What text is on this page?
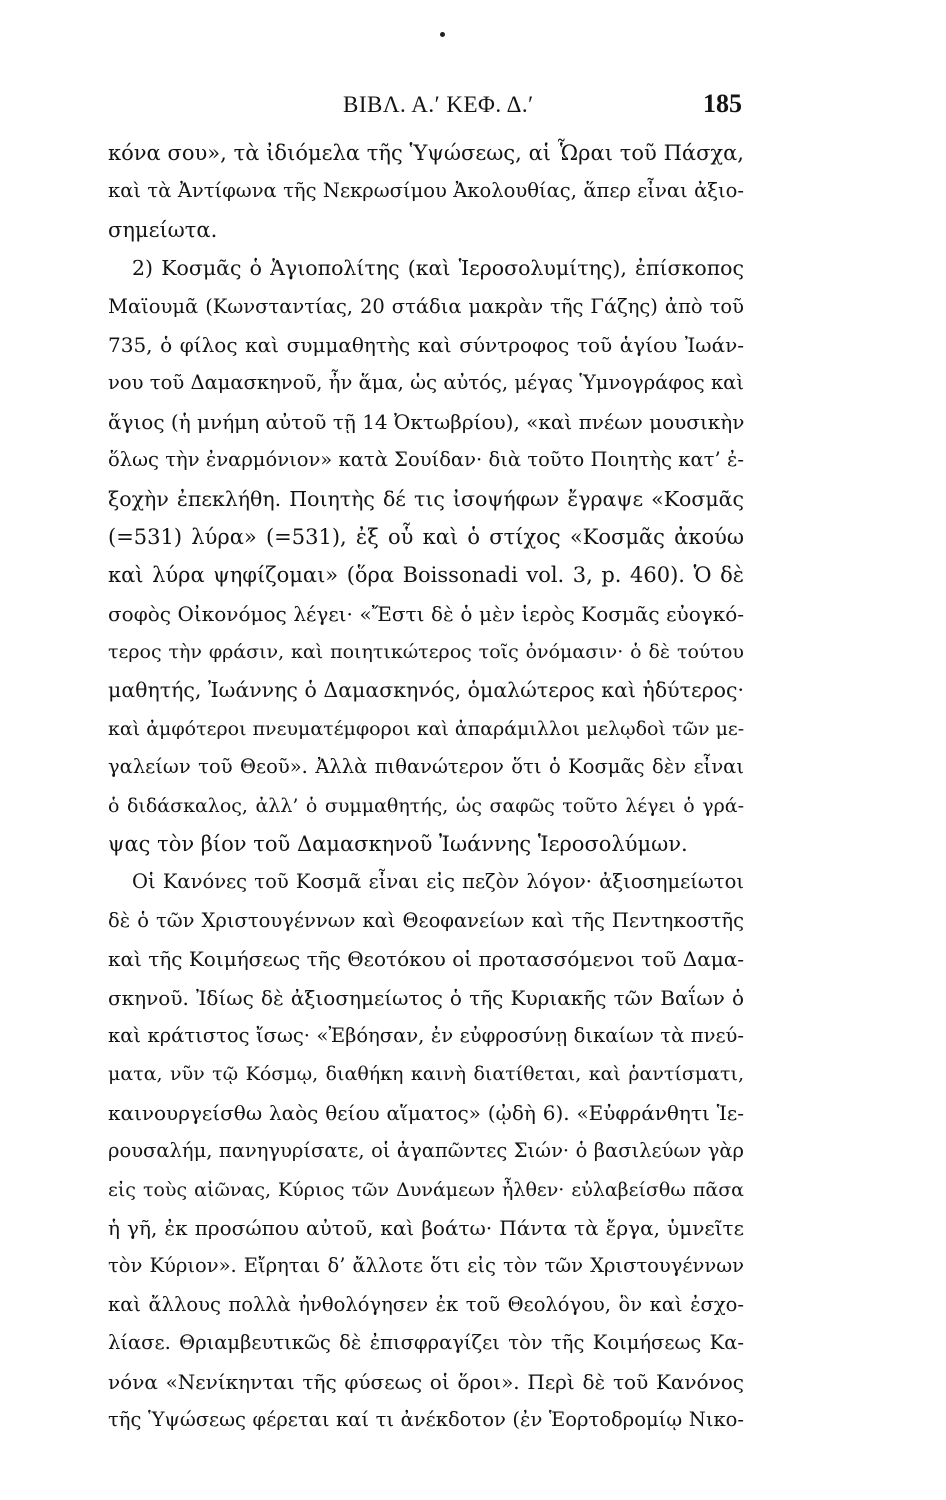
ΒΙΒΛ. Α.′ ΚΕΦ. Δ.′	185
κόνα σου», τὰ ἰδιόμελα τῆς Ὑψώσεως, αἱ Ὧραι τοῦ Πάσχα,
καὶ τὰ Ἀντίφωνα τῆς Νεκρωσίμου Ἀκολουθίας, ἅπερ εἶναι ἀξιο-
σημείωτα.
2) Κοσμᾶς ὁ Ἁγιοπολίτης (καὶ Ἱεροσολυμίτης), ἐπίσκοπος
Μαϊουμᾶ (Κωνσταντίας, 20 στάδια μακρὰν τῆς Γάζης) ἀπὸ τοῦ
735, ὁ φίλος καὶ συμμαθητὴς καὶ σύντροφος τοῦ ἁγίου Ἰωάν-
νου τοῦ Δαμασκηνοῦ, ἦν ἅμα, ὡς αὐτός, μέγας Ὑμνογράφος καὶ
ἅγιος (ἡ μνήμη αὐτοῦ τῇ 14 Ὀκτωβρίου), «καὶ πνέων μουσικὴν
ὅλως τὴν ἐναρμόνιον» κατὰ Σουίδαν· διὰ τοῦτο Ποιητὴς κατ’ ἐ-
ξοχὴν ἐπεκλήθη. Ποιητὴς δέ τις ἰσοψήφων ἔγραψε «Κοσμᾶς
(=531) λύρα» (=531), ἐξ οὗ καὶ ὁ στίχος «Κοσμᾶς ἀκούω
καὶ λύρα ψηφίζομαι» (ὅρα Boissonadi vol. 3, p. 460). Ὁ δὲ
σοφὸς Οἰκονόμος λέγει· «Ἔστι δὲ ὁ μὲν ἱερὸς Κοσμᾶς εὐογκό-
τερος τὴν φράσιν, καὶ ποιητικώτερος τοῖς ὀνόμασιν· ὁ δὲ τούτου
μαθητής, Ἰωάννης ὁ Δαμασκηνός, ὁμαλώτερος καὶ ἡδύτερος·
καὶ ἀμφότεροι πνευματέμφοροι καὶ ἀπαράμιλλοι μελῳδοὶ τῶν με-
γαλείων τοῦ Θεοῦ». Ἀλλὰ πιθανώτερον ὅτι ὁ Κοσμᾶς δὲν εἶναι
ὁ διδάσκαλος, ἀλλ’ ὁ συμμαθητής, ὡς σαφῶς τοῦτο λέγει ὁ γρά-
ψας τὸν βίον τοῦ Δαμασκηνοῦ Ἰωάννης Ἱεροσολύμων.
Οἱ Κανόνες τοῦ Κοσμᾶ εἶναι εἰς πεζὸν λόγον· ἀξιοσημείωτοι
δὲ ὁ τῶν Χριστουγέννων καὶ Θεοφανείων καὶ τῆς Πεντηκοστῆς
καὶ τῆς Κοιμήσεως τῆς Θεοτόκου οἱ προτασσόμενοι τοῦ Δαμα-
σκηνοῦ. Ἰδίως δὲ ἀξιοσημείωτος ὁ τῆς Κυριακῆς τῶν Βαΐων ὁ
καὶ κράτιστος ἴσως· «Ἐβόησαν, ἐν εὐφροσύνῃ δικαίων τὰ πνεύ-
ματα, νῦν τῷ Κόσμῳ, διαθήκη καινὴ διατίθεται, καὶ ῥαντίσματι,
καινουργείσθω λαὸς θείου αἵματος» (ᾠδὴ 6). «Εὐφράνθητι Ἱε-
ρουσαλήμ, πανηγυρίσατε, οἱ ἀγαπῶντες Σιών· ὁ βασιλεύων γὰρ
εἰς τοὺς αἰῶνας, Κύριος τῶν Δυνάμεων ἦλθεν· εὐλαβείσθω πᾶσα
ἡ γῆ, ἐκ προσώπου αὐτοῦ, καὶ βοάτω· Πάντα τὰ ἔργα, ὑμνεῖτε
τὸν Κύριον». Εἴρηται δ’ ἄλλοτε ὅτι εἰς τὸν τῶν Χριστουγέννων
καὶ ἄλλους πολλὰ ἠνθολόγησεν ἐκ τοῦ Θεολόγου, ὃν καὶ ἐσχο-
λίασε. Θριαμβευτικῶς δὲ ἐπισφραγίζει τὸν τῆς Κοιμήσεως Κα-
νόνα «Νενίκηνται τῆς φύσεως οἱ ὅροι». Περὶ δὲ τοῦ Κανόνος
τῆς Ὑψώσεως φέρεται καί τι ἀνέκδοτον (ἐν Ἑορτοδρομίῳ Νικο-
